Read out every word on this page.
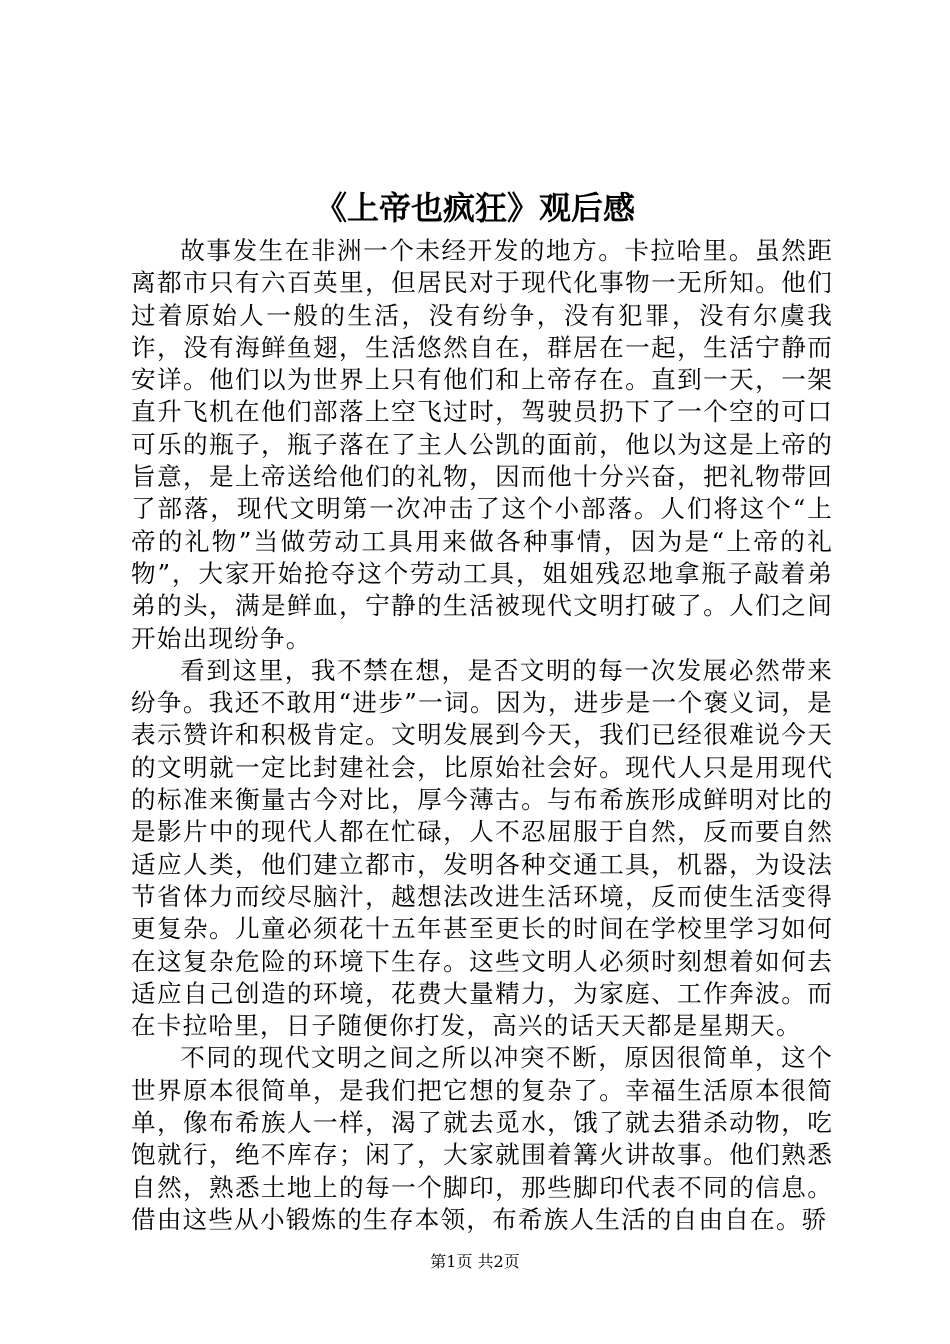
《上帝也疯狂》观后感

故事发生在非洲一个未经开发的地方。卡拉哈里。虽然距离都市只有六百英里，但居民对于现代化事物一无所知。他们过着原始人一般的生活，没有纷争，没有犯罪，没有尔虞我诈，没有海鲜鱼翅，生活悠然自在，群居在一起，生活宁静而安详。他们以为世界上只有他们和上帝存在。直到一天，一架直升飞机在他们部落上空飞过时，驾驶员扔下了一个空的可口可乐的瓶子，瓶子落在了主人公凯的面前，他以为这是上帝的旨意，是上帝送给他们的礼物，因而他十分兴奋，把礼物带回了部落，现代文明第一次冲击了这个小部落。人们将这个“上帝的礼物”当做劳动工具用来做各种事情，因为是“上帝的礼物”，大家开始抢夺这个劳动工具，姐姐残忍地拿瓶子敲着弟弟的头，满是鲜血，宁静的生活被现代文明打破了。人们之间开始出现纷争。

看到这里，我不禁在想，是否文明的每一次发展必然带来纷争。我还不敢用“进步”一词。因为，进步是一个褒义词，是表示赞许和积极肯定。文明发展到今天，我们已经很难说今天的文明就一定比封建社会，比原始社会好。现代人只是用现代的标准来衡量古今对比，厚今薄古。与布希族形成鲜明对比的是影片中的现代人都在忙碌，人不忍屈服于自然，反而要自然适应人类，他们建立都市，发明各种交通工具，机器，为设法节省体力而绞尽脑汁，越想法改进生活环境，反而使生活变得更复杂。儿童必须花十五年甚至更长的时间在学校里学习如何在这复杂危险的环境下生存。这些文明人必须时刻想着如何去适应自己创造的环境，花费大量精力，为家庭、工作奔波。而在卡拉哈里，日子随便你打发，高兴的话天天都是星期天。

不同的现代文明之间之所以冲突不断，原因很简单，这个世界原本很简单，是我们把它想的复杂了。幸福生活原本很简单，像布希族人一样，渴了就去觅水，饿了就去猎杀动物，吃饱就行，绝不库存；闲了，大家就围着篝火讲故事。他们熟悉自然，熟悉土地上的每一个脚印，那些脚印代表不同的信息。借由这些从小锻炼的生存本领，布希族人生活的自由自在。骄

第1页 共2页
